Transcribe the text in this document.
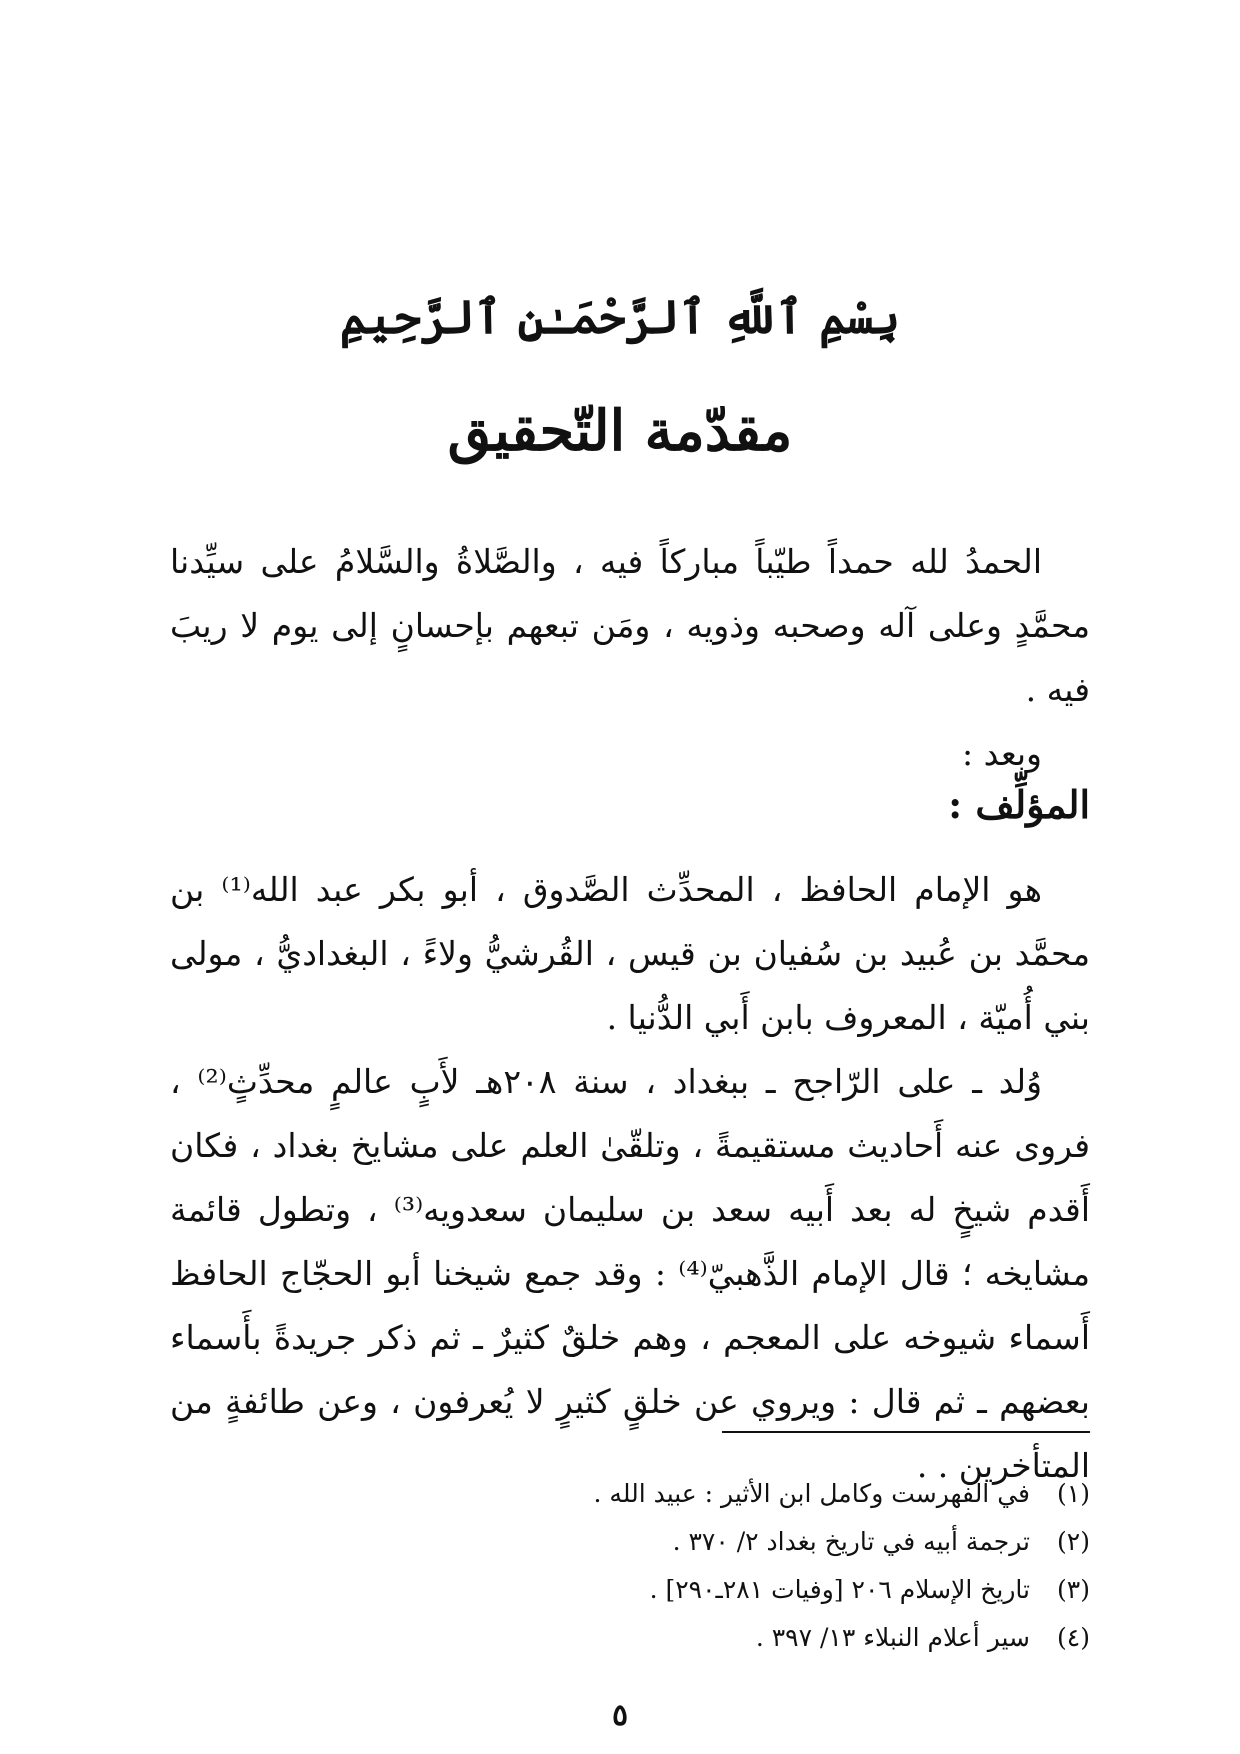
بِسْمِ ٱللَّهِ ٱلرَّحْمَـٰنِ ٱلرَّحِيمِ
مقدّمة التّحقيق

الحمدُ لله حمداً طيّباً مباركاً فيه ، والصَّلاةُ والسَّلامُ على سيِّدنا محمَّدٍ وعلى آله وصحبه وذويه ، ومَن تبعهم بإحسانٍ إلى يوم لا ريبَ فيه .

وبعد :

المؤلِّف :

هو الإمام الحافظ ، المحدِّث الصَّدوق ، أبو بكر عبد الله⁽¹⁾ بن محمَّد بن عُبيد بن سُفيان بن قيس ، القُرشيُّ ولاءً ، البغداديُّ ، مولى بني أُميّة ، المعروف بابن أَبي الدُّنيا .

وُلد ـ على الرّاجح ـ ببغداد ، سنة ٢٠٨هـ لأَبٍ عالمٍ محدِّثٍ⁽²⁾ ، فروى عنه أَحاديث مستقيمةً ، وتلقّىٰ العلم على مشايخ بغداد ، فكان أَقدم شيخٍ له بعد أَبيه سعد بن سليمان سعدويه⁽³⁾ ، وتطول قائمة مشايخه ؛ قال الإمام الذَّهبيّ⁽⁴⁾ : وقد جمع شيخنا أبو الحجّاج الحافظ أَسماء شيوخه على المعجم ، وهم خلقٌ كثيرٌ ـ ثم ذكر جريدةً بأَسماء بعضهم ـ ثم قال : ويروي عن خلقٍ كثيرٍ لا يُعرفون ، وعن طائفةٍ من المتأخرين . .

(١)
في الفهرست وكامل ابن الأثير : عبيد الله .
(٢)
ترجمة أبيه في تاريخ بغداد ٢/ ٣٧٠ .
(٣)
تاريخ الإسلام ٢٠٦ [وفيات ٢٨١ـ٢٩٠] .
(٤)
سير أعلام النبلاء ١٣/ ٣٩٧ .
٥
